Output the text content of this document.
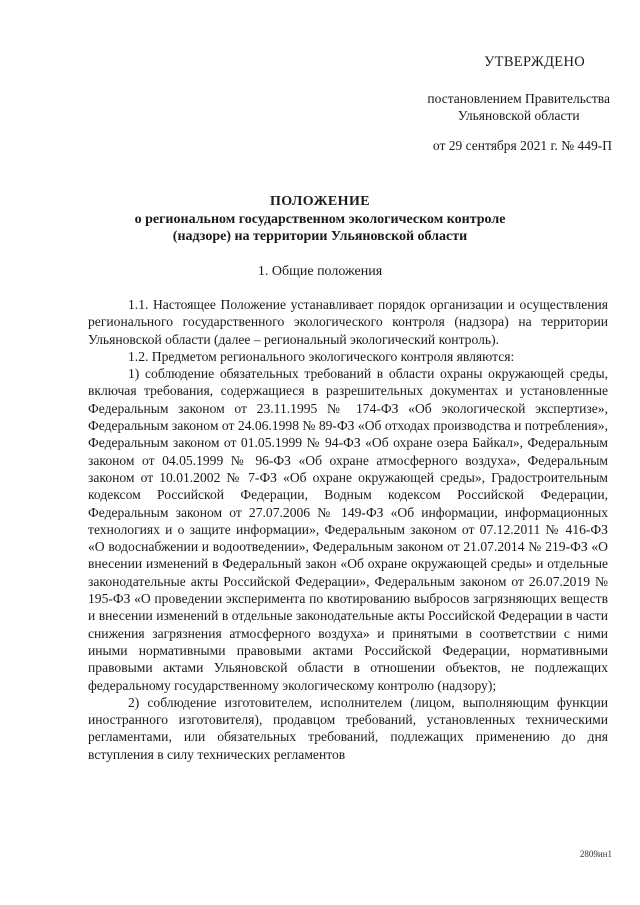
УТВЕРЖДЕНО
постановлением Правительства
Ульяновской области
от 29 сентября 2021 г. № 449-П
ПОЛОЖЕНИЕ
о региональном государственном экологическом контроле
(надзоре) на территории Ульяновской области
1. Общие положения

1.1. Настоящее Положение устанавливает порядок организации и осуществления регионального государственного экологического контроля (надзора) на территории Ульяновской области (далее – региональный экологический контроль).

1.2. Предметом регионального экологического контроля являются:

1) соблюдение обязательных требований в области охраны окружающей среды, включая требования, содержащиеся в разрешительных документах и установленные Федеральным законом от 23.11.1995 № 174-ФЗ «Об экологической экспертизе», Федеральным законом от 24.06.1998 № 89-ФЗ «Об отходах производства и потребления», Федеральным законом от 01.05.1999 № 94-ФЗ «Об охране озера Байкал», Федеральным законом от 04.05.1999 № 96-ФЗ «Об охране атмосферного воздуха», Федеральным законом от 10.01.2002 № 7-ФЗ «Об охране окружающей среды», Градостроительным кодексом Российской Федерации, Водным кодексом Российской Федерации, Федеральным законом от 27.07.2006 № 149-ФЗ «Об информации, информационных технологиях и о защите информации», Федеральным законом от 07.12.2011 № 416-ФЗ «О водоснабжении и водоотведении», Федеральным законом от 21.07.2014 № 219-ФЗ «О внесении изменений в Федеральный закон «Об охране окружающей среды» и отдельные законодательные акты Российской Федерации», Федеральным законом от 26.07.2019 № 195-ФЗ «О проведении эксперимента по квотированию выбросов загрязняющих веществ и внесении изменений в отдельные законодательные акты Российской Федерации в части снижения загрязнения атмосферного воздуха» и принятыми в соответствии с ними иными нормативными правовыми актами Российской Федерации, нормативными правовыми актами Ульяновской области в отношении объектов, не подлежащих федеральному государственному экологическому контролю (надзору);

2) соблюдение изготовителем, исполнителем (лицом, выполняющим функции иностранного изготовителя), продавцом требований, установленных техническими регламентами, или обязательных требований, подлежащих применению до дня вступления в силу технических регламентов

2809ин1
